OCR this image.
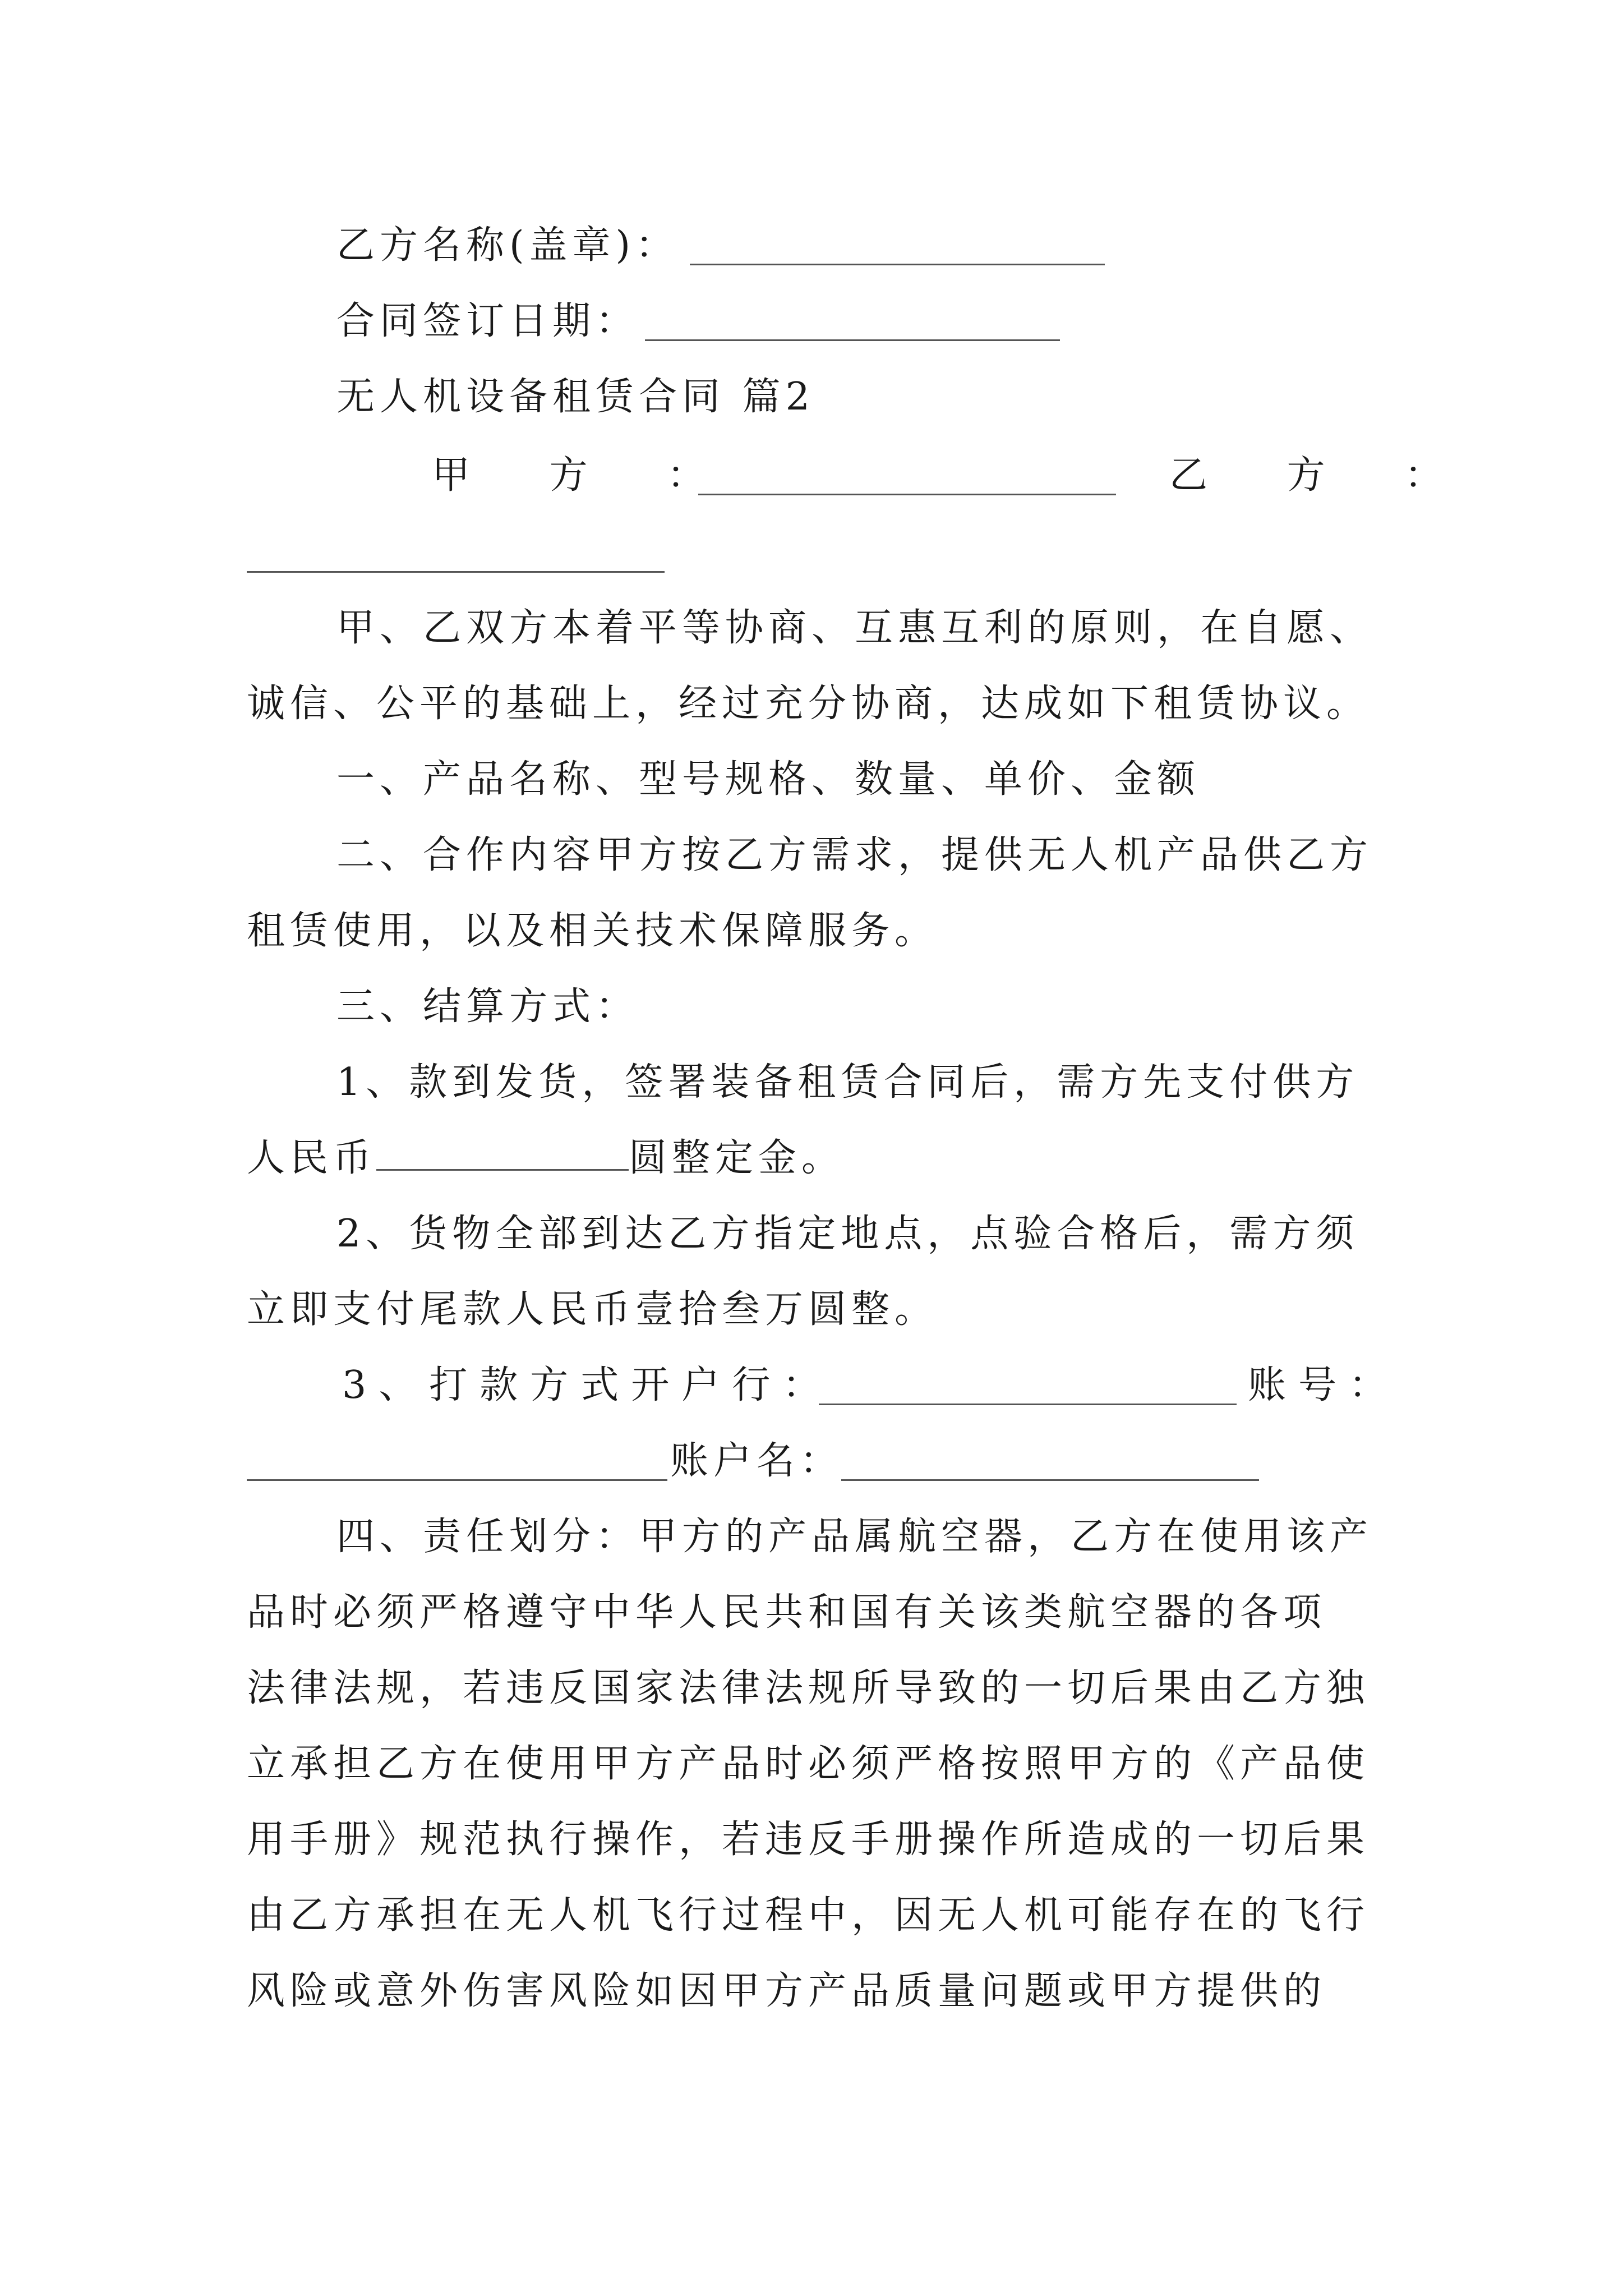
乙方名称(盖章)：
合同签订日期：
无人机设备租赁合同 篇2
甲 方 ：	乙 方 ：
甲、乙双方本着平等协商、互惠互利的原则，在自愿、
诚信、公平的基础上，经过充分协商，达成如下租赁协议。
一、产品名称、型号规格、数量、单价、金额
二、合作内容甲方按乙方需求，提供无人机产品供乙方
租赁使用，以及相关技术保障服务。
三、结算方式：
1、款到发货，签署装备租赁合同后，需方先支付供方
人民币	圆整定金。
2、货物全部到达乙方指定地点，点验合格后，需方须
立即支付尾款人民币壹拾叁万圆整。
3、打款方式开户行：	账号：
账户名：
四、责任划分：甲方的产品属航空器，乙方在使用该产
品时必须严格遵守中华人民共和国有关该类航空器的各项
法律法规，若违反国家法律法规所导致的一切后果由乙方独
立承担乙方在使用甲方产品时必须严格按照甲方的《产品使
用手册》规范执行操作，若违反手册操作所造成的一切后果
由乙方承担在无人机飞行过程中，因无人机可能存在的飞行
风险或意外伤害风险如因甲方产品质量问题或甲方提供的
